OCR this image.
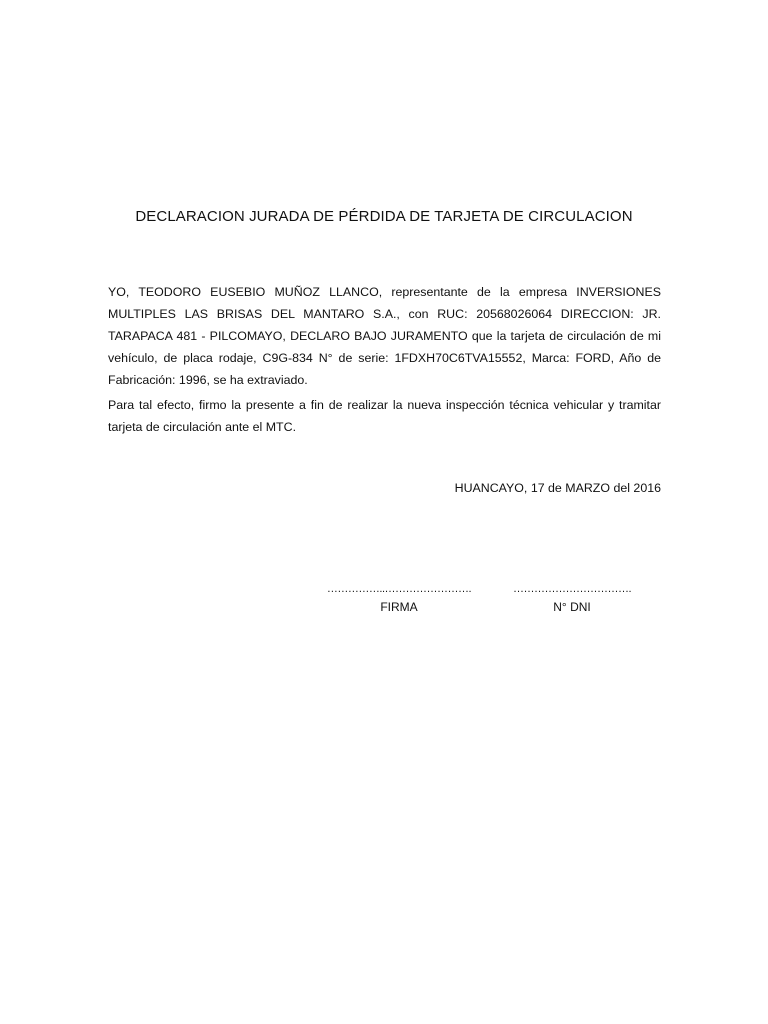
DECLARACION JURADA DE PÉRDIDA DE TARJETA DE CIRCULACION
YO, TEODORO EUSEBIO MUÑOZ LLANCO, representante de la empresa INVERSIONES MULTIPLES LAS BRISAS DEL MANTARO S.A., con RUC: 20568026064 DIRECCION: JR. TARAPACA 481 - PILCOMAYO, DECLARO BAJO JURAMENTO que la tarjeta de circulación de mi vehículo, de placa rodaje, C9G-834 N° de serie: 1FDXH70C6TVA15552, Marca: FORD, Año de Fabricación: 1996, se ha extraviado.
Para tal efecto, firmo la presente a fin de realizar la nueva inspección técnica vehicular y tramitar tarjeta de circulación ante el MTC.
HUANCAYO, 17 de MARZO del 2016
……………..…………………….
FIRMA
…………………………….
N° DNI
